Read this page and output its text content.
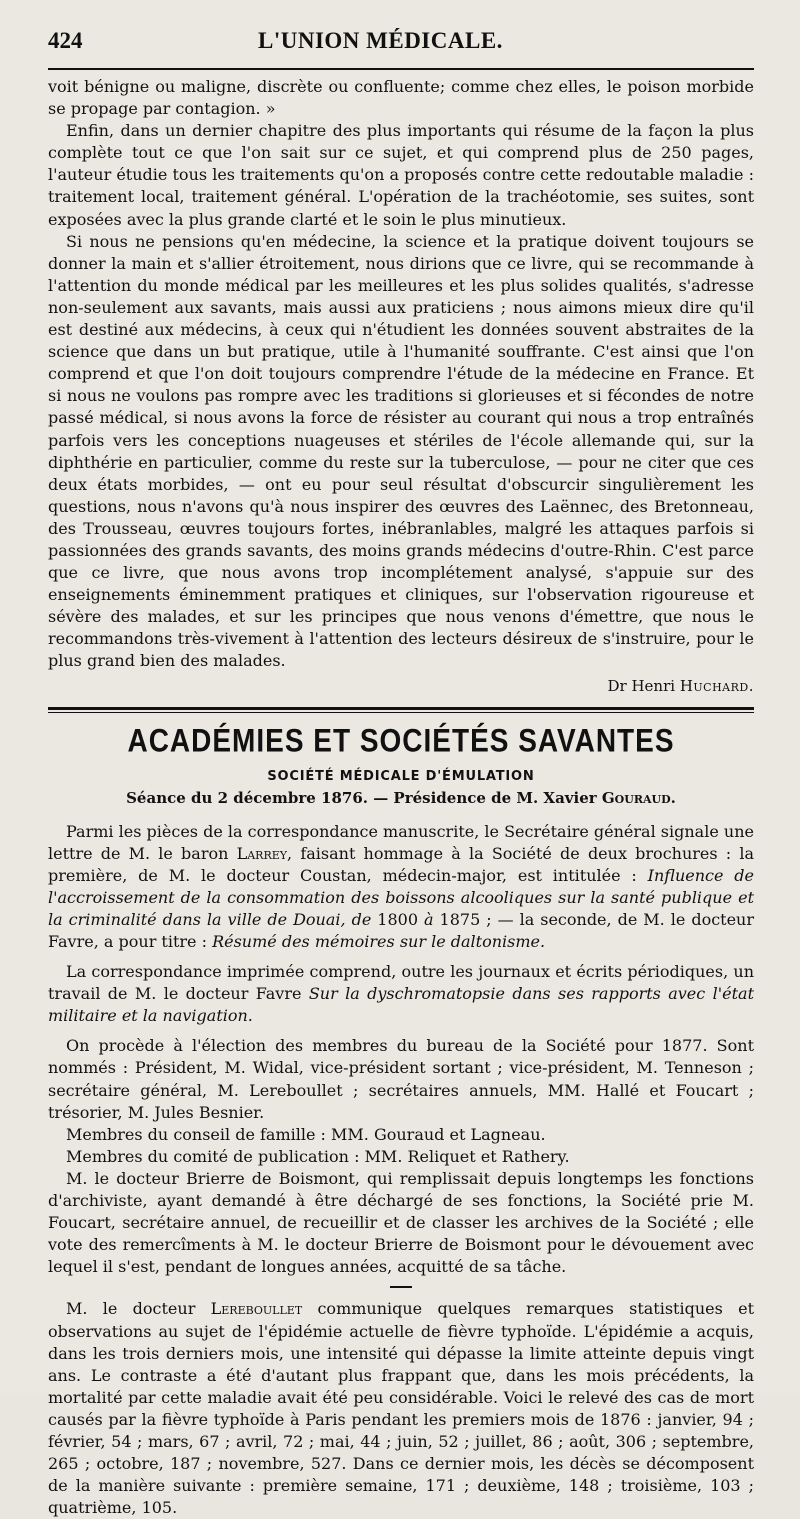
424	L'UNION MÉDICALE.

voit bénigne ou maligne, discrète ou confluente; comme chez elles, le poison morbide se propage par contagion. »

Enfin, dans un dernier chapitre des plus importants qui résume de la façon la plus complète tout ce que l'on sait sur ce sujet, et qui comprend plus de 250 pages, l'auteur étudie tous les traitements qu'on a proposés contre cette redoutable maladie : traitement local, traitement général. L'opération de la trachéotomie, ses suites, sont exposées avec la plus grande clarté et le soin le plus minutieux.

Si nous ne pensions qu'en médecine, la science et la pratique doivent toujours se donner la main et s'allier étroitement, nous dirions que ce livre, qui se recommande à l'attention du monde médical par les meilleures et les plus solides qualités, s'adresse non-seulement aux savants, mais aussi aux praticiens ; nous aimons mieux dire qu'il est destiné aux médecins, à ceux qui n'étudient les données souvent abstraites de la science que dans un but pratique, utile à l'humanité souffrante. C'est ainsi que l'on comprend et que l'on doit toujours comprendre l'étude de la médecine en France. Et si nous ne voulons pas rompre avec les traditions si glorieuses et si fécondes de notre passé médical, si nous avons la force de résister au courant qui nous a trop entraînés parfois vers les conceptions nuageuses et stériles de l'école allemande qui, sur la diphthérie en particulier, comme du reste sur la tuberculose, — pour ne citer que ces deux états morbides, — ont eu pour seul résultat d'obscurcir singulièrement les questions, nous n'avons qu'à nous inspirer des œuvres des Laënnec, des Bretonneau, des Trousseau, œuvres toujours fortes, inébranlables, malgré les attaques parfois si passionnées des grands savants, des moins grands médecins d'outre-Rhin. C'est parce que ce livre, que nous avons trop incomplétement analysé, s'appuie sur des enseignements éminemment pratiques et cliniques, sur l'observation rigoureuse et sévère des malades, et sur les principes que nous venons d'émettre, que nous le recommandons très-vivement à l'attention des lecteurs désireux de s'instruire, pour le plus grand bien des malades.

Dr Henri Huchard.
ACADÉMIES ET SOCIÉTÉS SAVANTES
SOCIÉTÉ MÉDICALE D'ÉMULATION
Séance du 2 décembre 1876. — Présidence de M. Xavier Gouraud.

Parmi les pièces de la correspondance manuscrite, le Secrétaire général signale une lettre de M. le baron Larrey, faisant hommage à la Société de deux brochures : la première, de M. le docteur Coustan, médecin-major, est intitulée : Influence de l'accroissement de la consommation des boissons alcooliques sur la santé publique et la criminalité dans la ville de Douai, de 1800 à 1875 ; — la seconde, de M. le docteur Favre, a pour titre : Résumé des mémoires sur le daltonisme.

La correspondance imprimée comprend, outre les journaux et écrits périodiques, un travail de M. le docteur Favre Sur la dyschromatopsie dans ses rapports avec l'état militaire et la navigation.

On procède à l'élection des membres du bureau de la Société pour 1877. Sont nommés : Président, M. Widal, vice-président sortant ; vice-président, M. Tenneson ; secrétaire général, M. Lereboullet ; secrétaires annuels, MM. Hallé et Foucart ; trésorier, M. Jules Besnier.

Membres du conseil de famille : MM. Gouraud et Lagneau.

Membres du comité de publication : MM. Reliquet et Rathery.

M. le docteur Brierre de Boismont, qui remplissait depuis longtemps les fonctions d'archiviste, ayant demandé à être déchargé de ses fonctions, la Société prie M. Foucart, secrétaire annuel, de recueillir et de classer les archives de la Société ; elle vote des remercîments à M. le docteur Brierre de Boismont pour le dévouement avec lequel il s'est, pendant de longues années, acquitté de sa tâche.

M. le docteur Lereboullet communique quelques remarques statistiques et observations au sujet de l'épidémie actuelle de fièvre typhoïde. L'épidémie a acquis, dans les trois derniers mois, une intensité qui dépasse la limite atteinte depuis vingt ans. Le contraste a été d'autant plus frappant que, dans les mois précédents, la mortalité par cette maladie avait été peu considérable. Voici le relevé des cas de mort causés par la fièvre typhoïde à Paris pendant les premiers mois de 1876 : janvier, 94 ; février, 54 ; mars, 67 ; avril, 72 ; mai, 44 ; juin, 52 ; juillet, 86 ; août, 306 ; septembre, 265 ; octobre, 187 ; novembre, 527. Dans ce dernier mois, les décès se décomposent de la manière suivante : première semaine, 171 ; deuxième, 148 ; troisième, 103 ; quatrième, 105.
